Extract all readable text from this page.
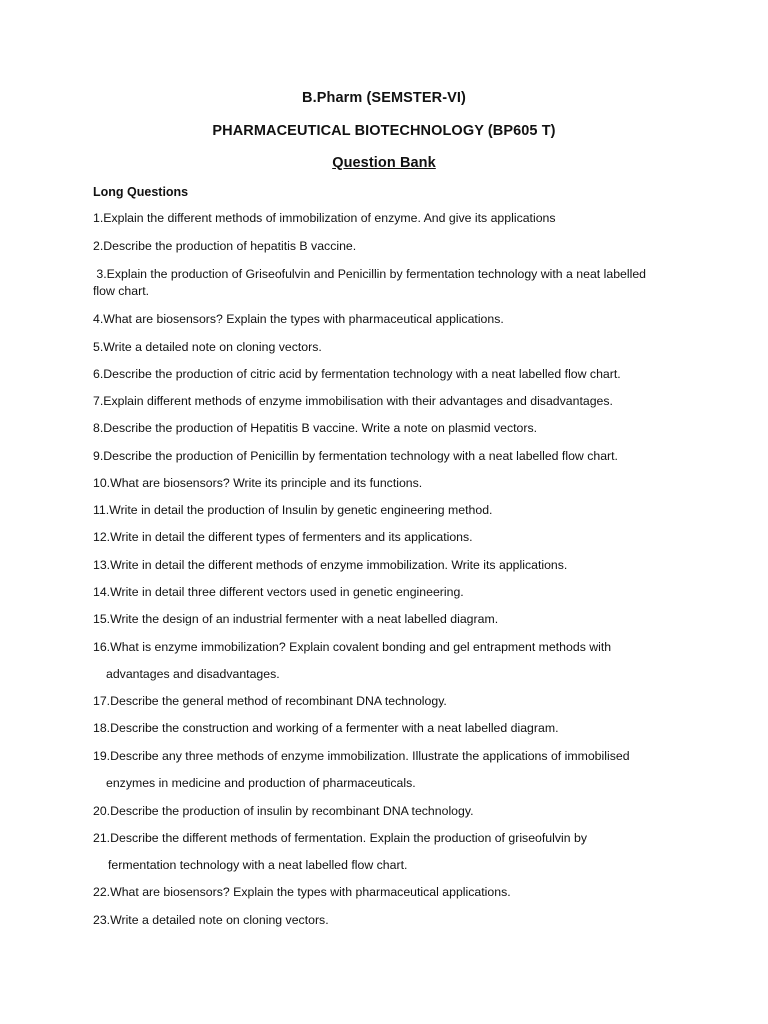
B.Pharm (SEMSTER-VI)
PHARMACEUTICAL BIOTECHNOLOGY (BP605 T)
Question Bank
Long Questions
1.Explain the different methods of immobilization of enzyme. And give its applications
2.Describe the production of hepatitis B vaccine.
3.Explain the production of Griseofulvin and Penicillin by fermentation technology with a neat labelled flow chart.
4.What are biosensors? Explain the types with pharmaceutical applications.
5.Write a detailed note on cloning vectors.
6.Describe the production of citric acid by fermentation technology with a neat labelled flow chart.
7.Explain different methods of enzyme immobilisation with their advantages and disadvantages.
8.Describe the production of Hepatitis B vaccine. Write a note on plasmid vectors.
9.Describe the production of Penicillin by fermentation technology with a neat labelled flow chart.
10.What are biosensors? Write its principle and its functions.
11.Write in detail the production of Insulin by genetic engineering method.
12.Write in detail the different types of fermenters and its applications.
13.Write in detail the different methods of enzyme immobilization. Write its applications.
14.Write in detail three different vectors used in genetic engineering.
15.Write the design of an industrial fermenter with a neat labelled diagram.
16.What is enzyme immobilization? Explain covalent bonding and gel entrapment methods with
advantages and disadvantages.
17.Describe the general method of recombinant DNA technology.
18.Describe the construction and working of a fermenter with a neat labelled diagram.
19.Describe any three methods of enzyme immobilization. Illustrate the applications of immobilised
enzymes in medicine and production of pharmaceuticals.
20.Describe the production of insulin by recombinant DNA technology.
21.Describe the different methods of fermentation. Explain the production of griseofulvin by
fermentation technology with a neat labelled flow chart.
22.What are biosensors? Explain the types with pharmaceutical applications.
23.Write a detailed note on cloning vectors.
